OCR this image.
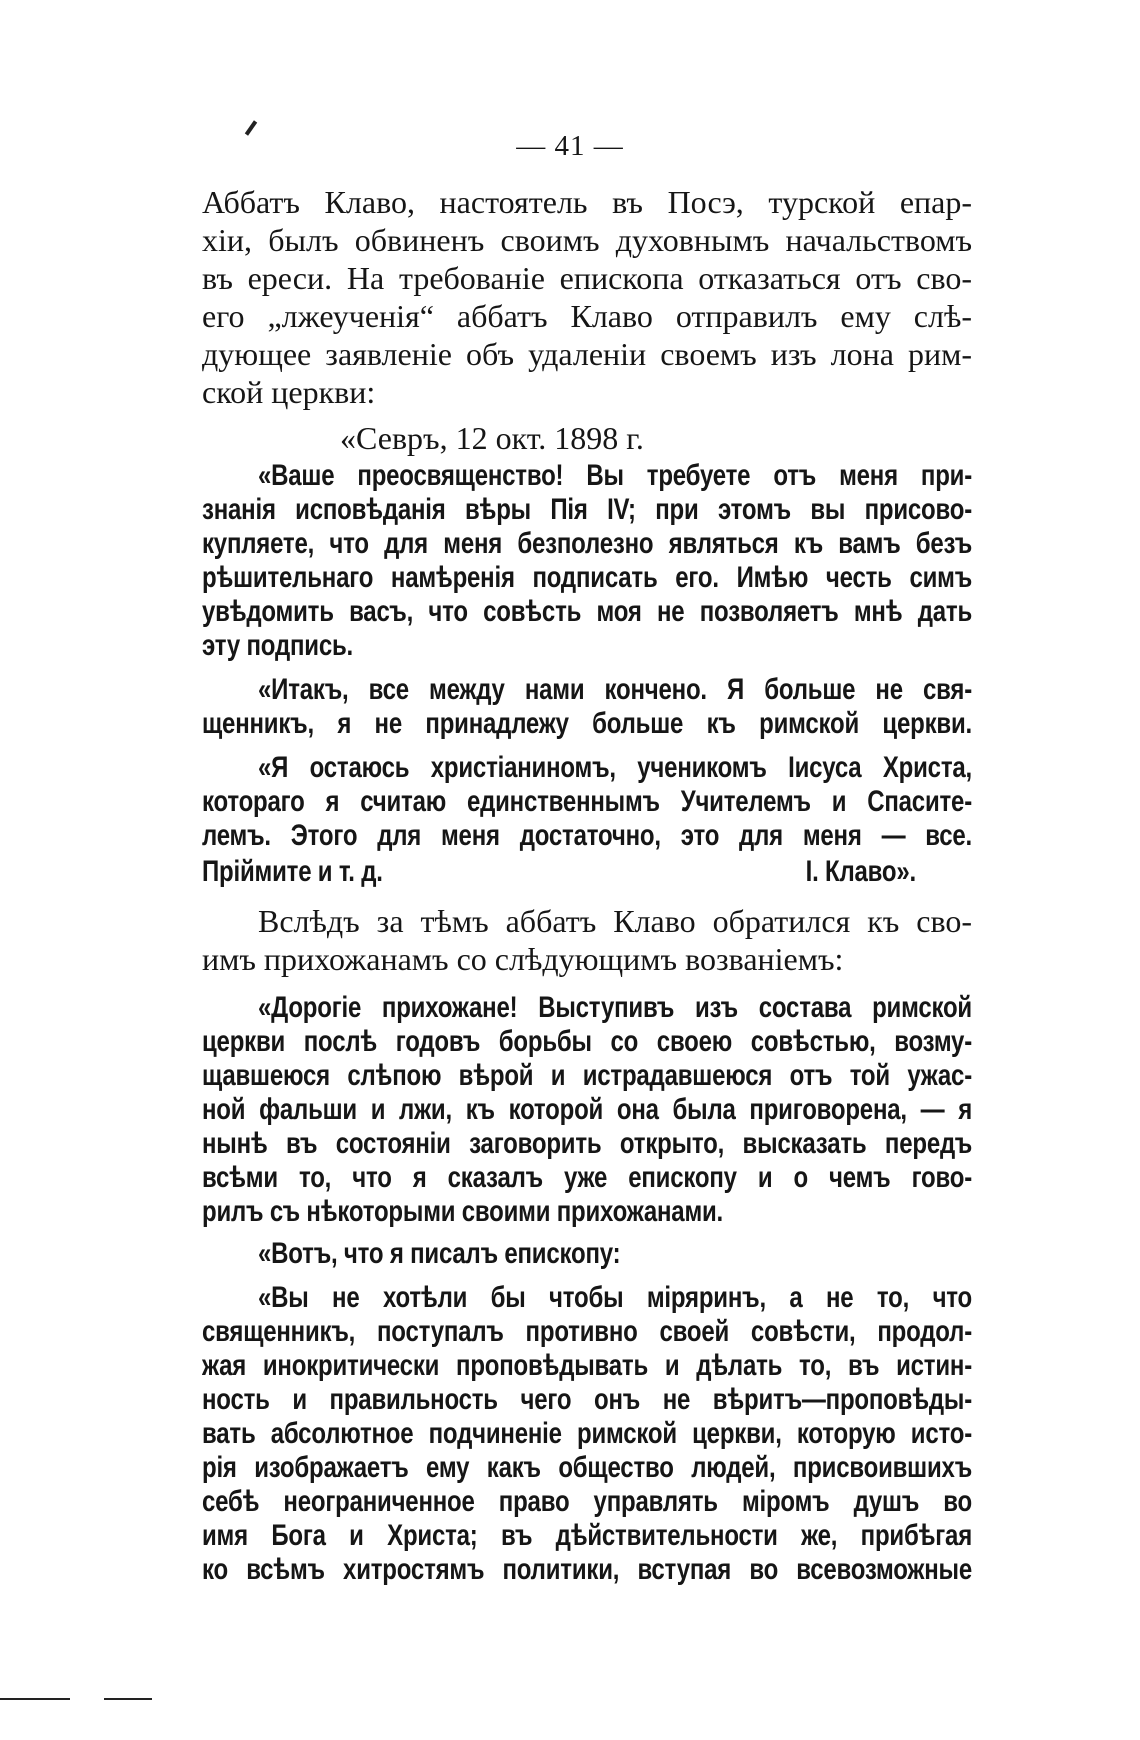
— 41 —
Аббатъ Клаво, настоятель въ Посэ, турской епар-
хіи, былъ обвиненъ своимъ духовнымъ начальствомъ
въ ереси. На требованіе епископа отказаться отъ сво-
его „лжеученія“ аббатъ Клаво отправилъ ему слѣ-
дующее заявленіе объ удаленіи своемъ изъ лона рим-
ской церкви:
«Севръ, 12 окт. 1898 г.
«Ваше преосвященство! Вы требуете отъ меня при-
знанія исповѣданія вѣры Пія IV; при этомъ вы присово-
купляете, что для меня безполезно являться къ вамъ безъ
рѣшительнаго намѣренія подписать его. Имѣю честь симъ
увѣдомить васъ, что совѣсть моя не позволяетъ мнѣ дать
эту подпись.
«Итакъ, все между нами кончено. Я больше не свя-
щенникъ, я не принадлежу больше къ римской церкви.
«Я остаюсь христіаниномъ, ученикомъ Іисуса Христа,
котораго я считаю единственнымъ Учителемъ и Спасите-
лемъ. Этого для меня достаточно, это для меня — все.
Пріймите и т. д.	І. Клаво».
Вслѣдъ за тѣмъ аббатъ Клаво обратился къ сво-
имъ прихожанамъ со слѣдующимъ возваніемъ:
«Дорогіе прихожане! Выступивъ изъ состава римской
церкви послѣ годовъ борьбы со своею совѣстью, возму-
щавшеюся слѣпою вѣрой и истрадавшеюся отъ той ужас-
ной фальши и лжи, къ которой она была приговорена, — я
нынѣ въ состояніи заговорить открыто, высказать передъ
всѣми то, что я сказалъ уже епископу и о чемъ гово-
рилъ съ нѣкоторыми своими прихожанами.
«Вотъ, что я писалъ епископу:
«Вы не хотѣли бы чтобы міряринъ, а не то, что
священникъ, поступалъ противно своей совѣсти, продол-
жая инокритически проповѣдывать и дѣлать то, въ истин-
ность и правильность чего онъ не вѣритъ—проповѣды-
вать абсолютное подчиненіе римской церкви, которую исто-
рія изображаетъ ему какъ общество людей, присвоившихъ
себѣ неограниченное право управлять міромъ душъ во
имя Бога и Христа; въ дѣйствительности же, прибѣгая
ко всѣмъ хитростямъ политики, вступая во всевозможные
